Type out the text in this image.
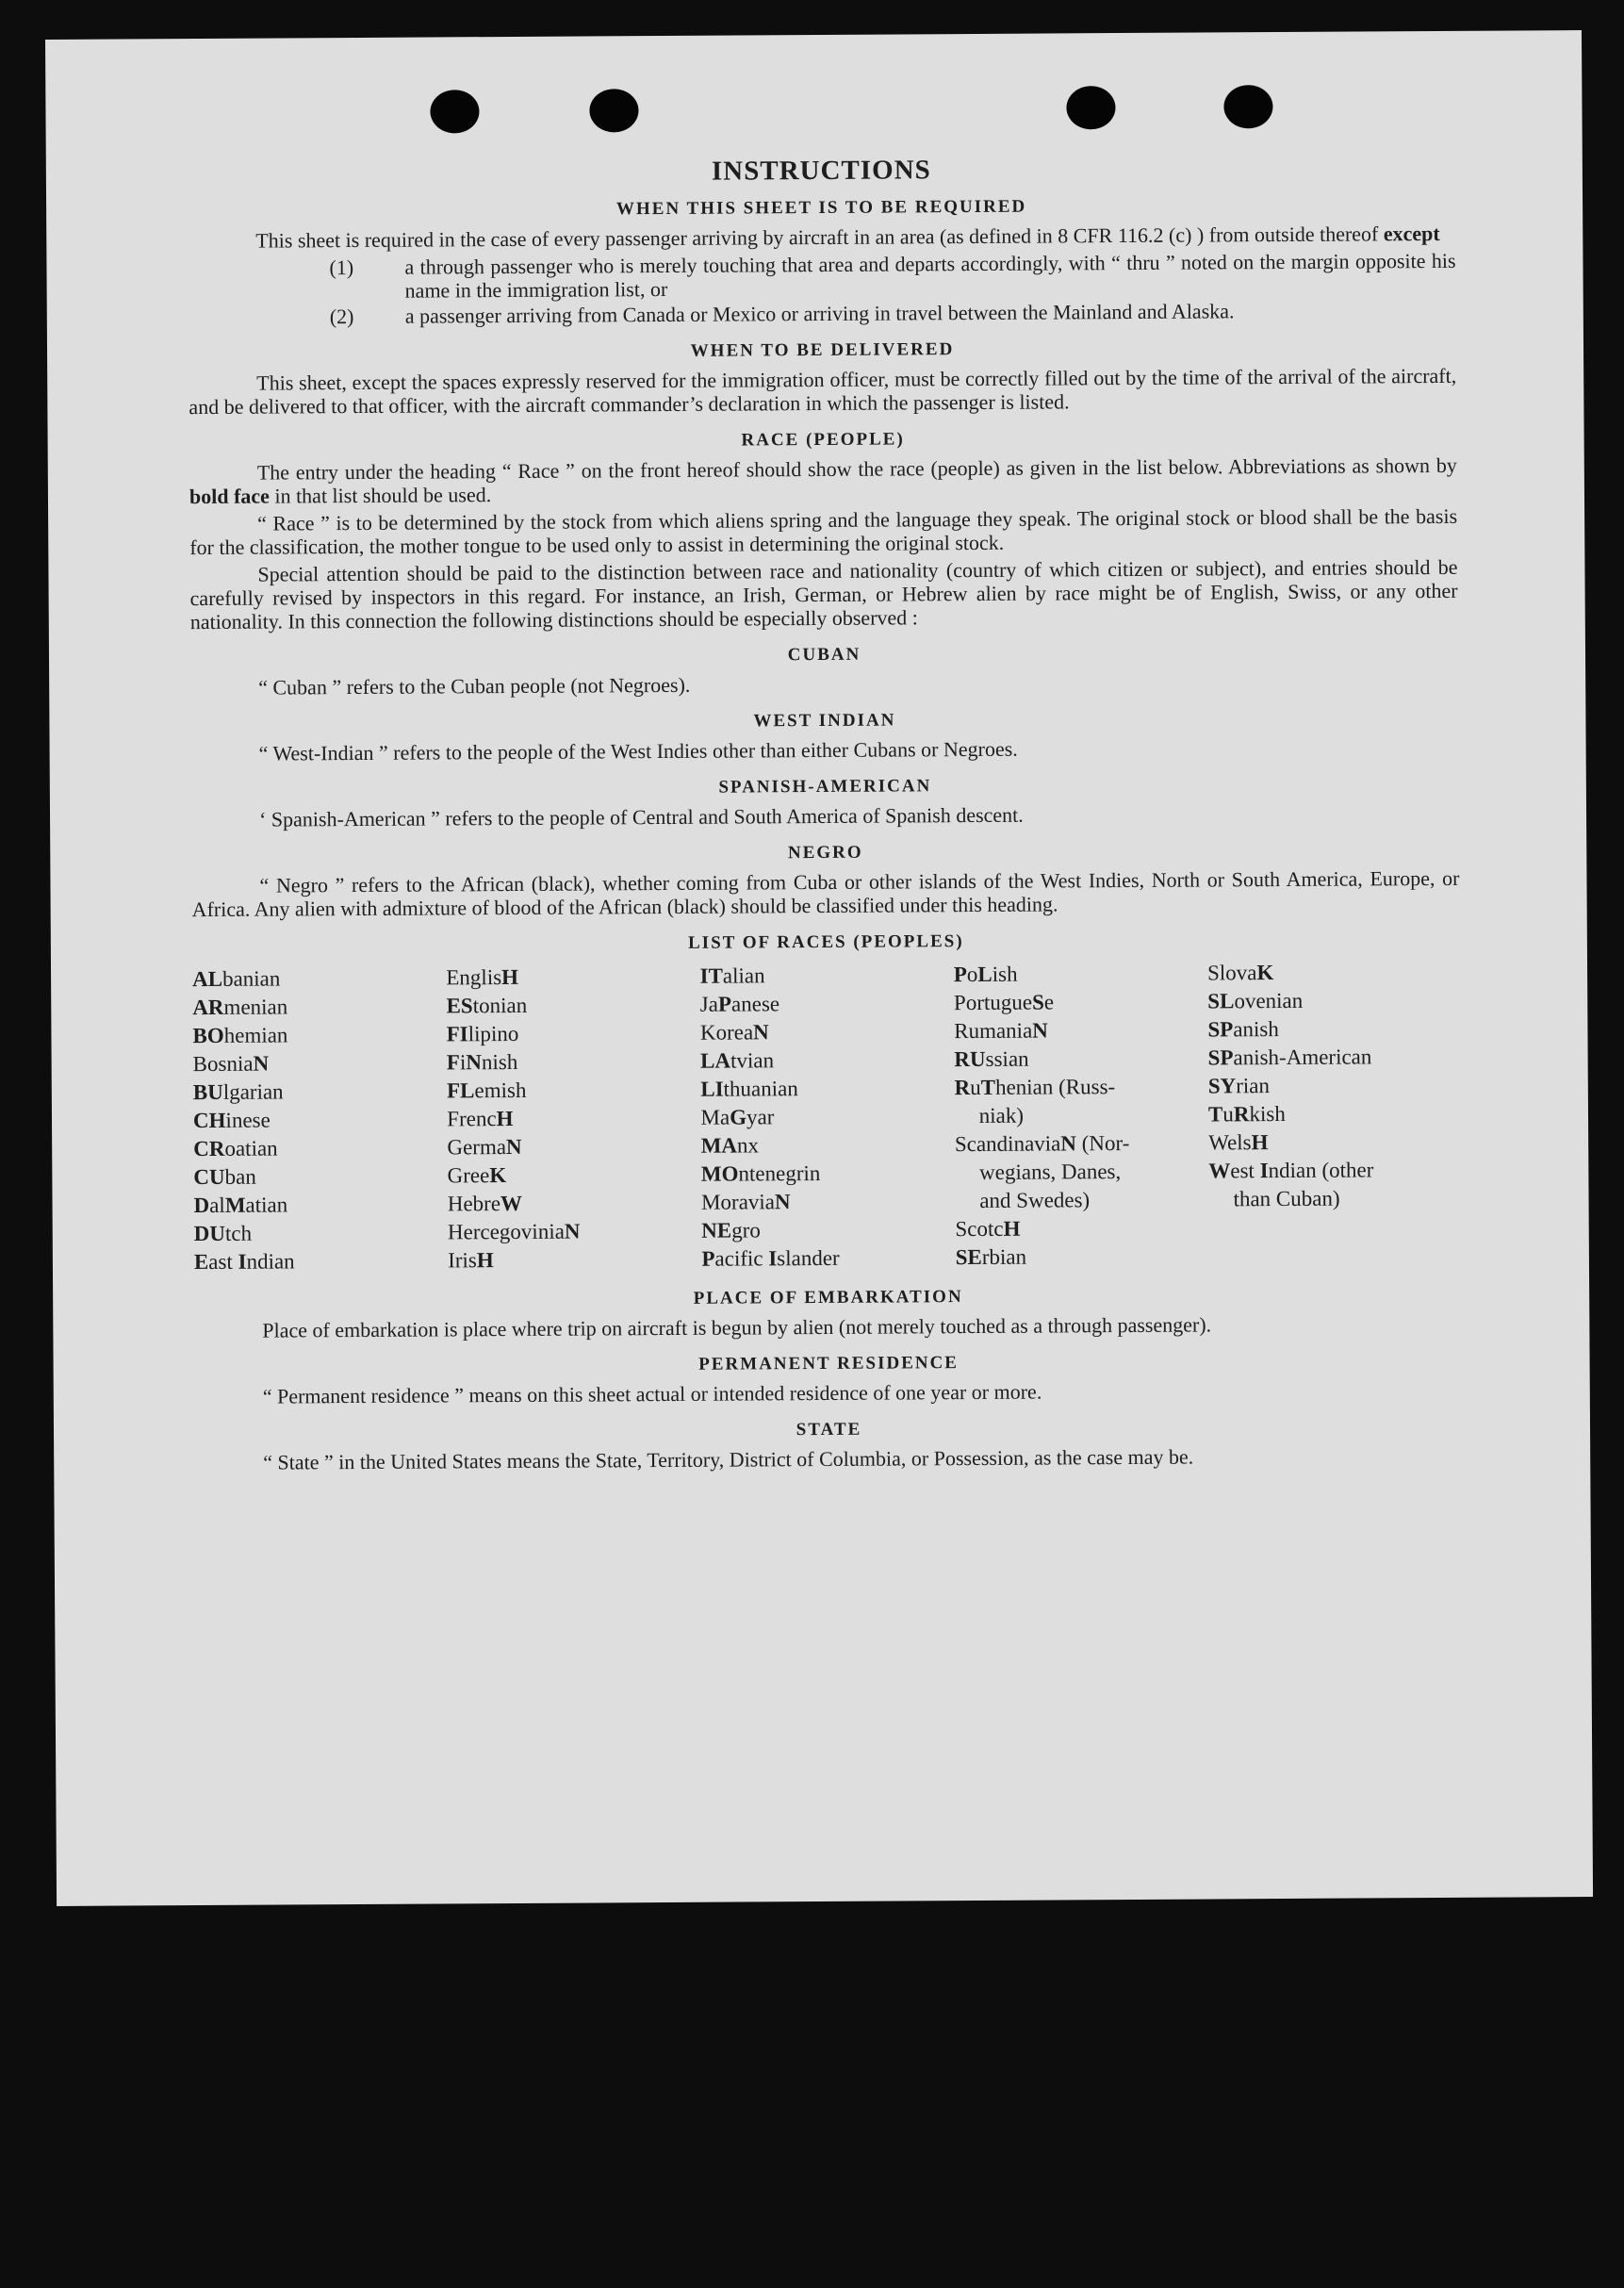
INSTRUCTIONS
WHEN THIS SHEET IS TO BE REQUIRED
This sheet is required in the case of every passenger arriving by aircraft in an area (as defined in 8 CFR 116.2 (c) ) from outside thereof except
(1) a through passenger who is merely touching that area and departs accordingly, with “ thru ” noted on the margin opposite his name in the immigration list, or
(2) a passenger arriving from Canada or Mexico or arriving in travel between the Mainland and Alaska.
WHEN TO BE DELIVERED
This sheet, except the spaces expressly reserved for the immigration officer, must be correctly filled out by the time of the arrival of the aircraft, and be delivered to that officer, with the aircraft commander’s declaration in which the passenger is listed.
RACE (PEOPLE)
The entry under the heading “ Race ” on the front hereof should show the race (people) as given in the list below. Abbreviations as shown by bold face in that list should be used.
“ Race ” is to be determined by the stock from which aliens spring and the language they speak. The original stock or blood shall be the basis for the classification, the mother tongue to be used only to assist in determining the original stock.
Special attention should be paid to the distinction between race and nationality (country of which citizen or subject), and entries should be carefully revised by inspectors in this regard. For instance, an Irish, German, or Hebrew alien by race might be of English, Swiss, or any other nationality. In this connection the following distinctions should be especially observed :
CUBAN
“ Cuban ” refers to the Cuban people (not Negroes).
WEST INDIAN
“ West-Indian ” refers to the people of the West Indies other than either Cubans or Negroes.
SPANISH-AMERICAN
‘ Spanish-American ” refers to the people of Central and South America of Spanish descent.
NEGRO
“ Negro ” refers to the African (black), whether coming from Cuba or other islands of the West Indies, North or South America, Europe, or Africa. Any alien with admixture of blood of the African (black) should be classified under this heading.
LIST OF RACES (PEOPLES)
ALbanian
ARmenian
BOhemian
BosniaN
BUlgarian
CHinese
CRoatian
CUban
DalMatian
DUtch
East Indian
EnglisH
EStonian
FIlipino
FiNnish
FLemish
FrencH
GermaN
GreeK
HebreW
HercegoviniaN
IrisH
ITalian
JaPanese
KoreaN
LAtvian
LIthuanian
MaGyar
MAnx
MOntenegrin
MoraviaN
NEgro
Pacific Islander
PoLish
PortugueSe
RumaniaN
RUssian
RuThenian (Russ-
niak)
ScandinaviaN (Nor-
wegians, Danes,
and Swedes)
ScotcH
SErbian
SlovaK
SLovenian
SPanish
SPanish-American
SYrian
TuRkish
WelsH
West Indian (other
than Cuban)
PLACE OF EMBARKATION
Place of embarkation is place where trip on aircraft is begun by alien (not merely touched as a through passenger).
PERMANENT RESIDENCE
“ Permanent residence ” means on this sheet actual or intended residence of one year or more.
STATE
“ State ” in the United States means the State, Territory, District of Columbia, or Possession, as the case may be.
